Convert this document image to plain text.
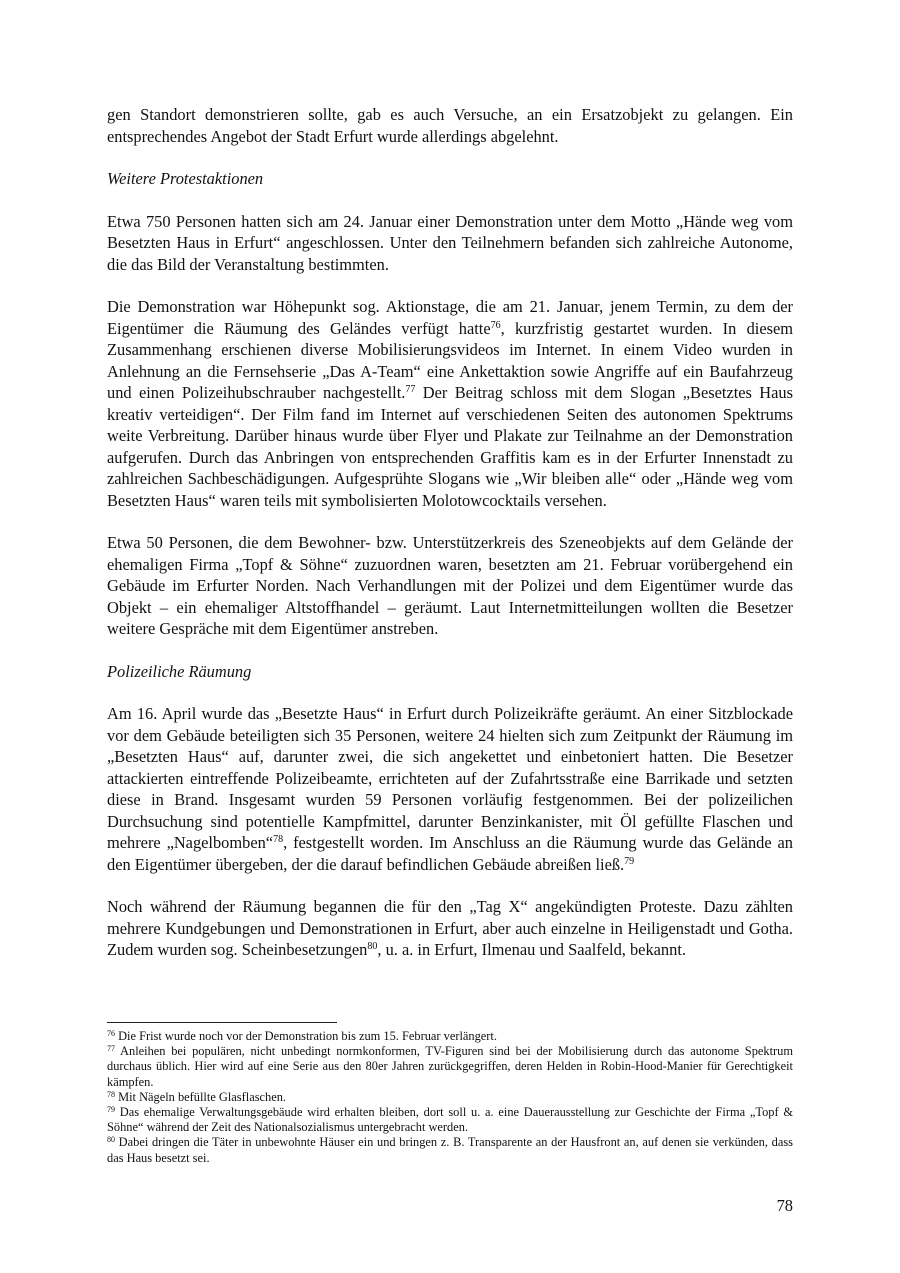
gen Standort demonstrieren sollte, gab es auch Versuche, an ein Ersatzobjekt zu gelangen. Ein entsprechendes Angebot der Stadt Erfurt wurde allerdings abgelehnt.

Weitere Protestaktionen

Etwa 750 Personen hatten sich am 24. Januar einer Demonstration unter dem Motto „Hände weg vom Besetzten Haus in Erfurt“ angeschlossen. Unter den Teilnehmern befanden sich zahlreiche Autonome, die das Bild der Veranstaltung bestimmten.

Die Demonstration war Höhepunkt sog. Aktionstage, die am 21. Januar, jenem Termin, zu dem der Eigentümer die Räumung des Geländes verfügt hatte$^{76}$, kurzfristig gestartet wurden. In diesem Zusammenhang erschienen diverse Mobilisierungsvideos im Internet. In einem Video wurden in Anlehnung an die Fernsehserie „Das A-Team“ eine Ankettaktion sowie Angriffe auf ein Baufahrzeug und einen Polizeihubschrauber nachgestellt.$^{77}$ Der Beitrag schloss mit dem Slogan „Besetztes Haus kreativ verteidigen“. Der Film fand im Internet auf verschiedenen Seiten des autonomen Spektrums weite Verbreitung. Darüber hinaus wurde über Flyer und Plakate zur Teilnahme an der Demonstration aufgerufen. Durch das Anbringen von entsprechenden Graffitis kam es in der Erfurter Innenstadt zu zahlreichen Sachbeschädigungen. Aufgesprühte Slogans wie „Wir bleiben alle“ oder „Hände weg vom Besetzten Haus“ waren teils mit symbolisierten Molotowcocktails versehen.

Etwa 50 Personen, die dem Bewohner- bzw. Unterstützerkreis des Szeneobjekts auf dem Gelände der ehemaligen Firma „Topf & Söhne“ zuzuordnen waren, besetzten am 21. Februar vorübergehend ein Gebäude im Erfurter Norden. Nach Verhandlungen mit der Polizei und dem Eigentümer wurde das Objekt – ein ehemaliger Altstoffhandel – geräumt. Laut Internetmitteilungen wollten die Besetzer weitere Gespräche mit dem Eigentümer anstreben.

Polizeiliche Räumung

Am 16. April wurde das „Besetzte Haus“ in Erfurt durch Polizeikräfte geräumt. An einer Sitzblockade vor dem Gebäude beteiligten sich 35 Personen, weitere 24 hielten sich zum Zeitpunkt der Räumung im „Besetzten Haus“ auf, darunter zwei, die sich angekettet und einbetoniert hatten. Die Besetzer attackierten eintreffende Polizeibeamte, errichteten auf der Zufahrtsstraße eine Barrikade und setzten diese in Brand. Insgesamt wurden 59 Personen vorläufig festgenommen. Bei der polizeilichen Durchsuchung sind potentielle Kampfmittel, darunter Benzinkanister, mit Öl gefüllte Flaschen und mehrere „Nagelbomben“$^{78}$, festgestellt worden. Im Anschluss an die Räumung wurde das Gelände an den Eigentümer übergeben, der die darauf befindlichen Gebäude abreißen ließ.$^{79}$

Noch während der Räumung begannen die für den „Tag X“ angekündigten Proteste. Dazu zählten mehrere Kundgebungen und Demonstrationen in Erfurt, aber auch einzelne in Heiligenstadt und Gotha. Zudem wurden sog. Scheinbesetzungen$^{80}$, u. a. in Erfurt, Ilmenau und Saalfeld, bekannt.

$^{76}$ Die Frist wurde noch vor der Demonstration bis zum 15. Februar verlängert.

$^{77}$ Anleihen bei populären, nicht unbedingt normkonformen, TV-Figuren sind bei der Mobilisierung durch das autonome Spektrum durchaus üblich. Hier wird auf eine Serie aus den 80er Jahren zurückgegriffen, deren Helden in Robin-Hood-Manier für Gerechtigkeit kämpfen.

$^{78}$ Mit Nägeln befüllte Glasflaschen.

$^{79}$ Das ehemalige Verwaltungsgebäude wird erhalten bleiben, dort soll u. a. eine Dauerausstellung zur Geschichte der Firma „Topf & Söhne“ während der Zeit des Nationalsozialismus untergebracht werden.

$^{80}$ Dabei dringen die Täter in unbewohnte Häuser ein und bringen z. B. Transparente an der Hausfront an, auf denen sie verkünden, dass das Haus besetzt sei.

78
